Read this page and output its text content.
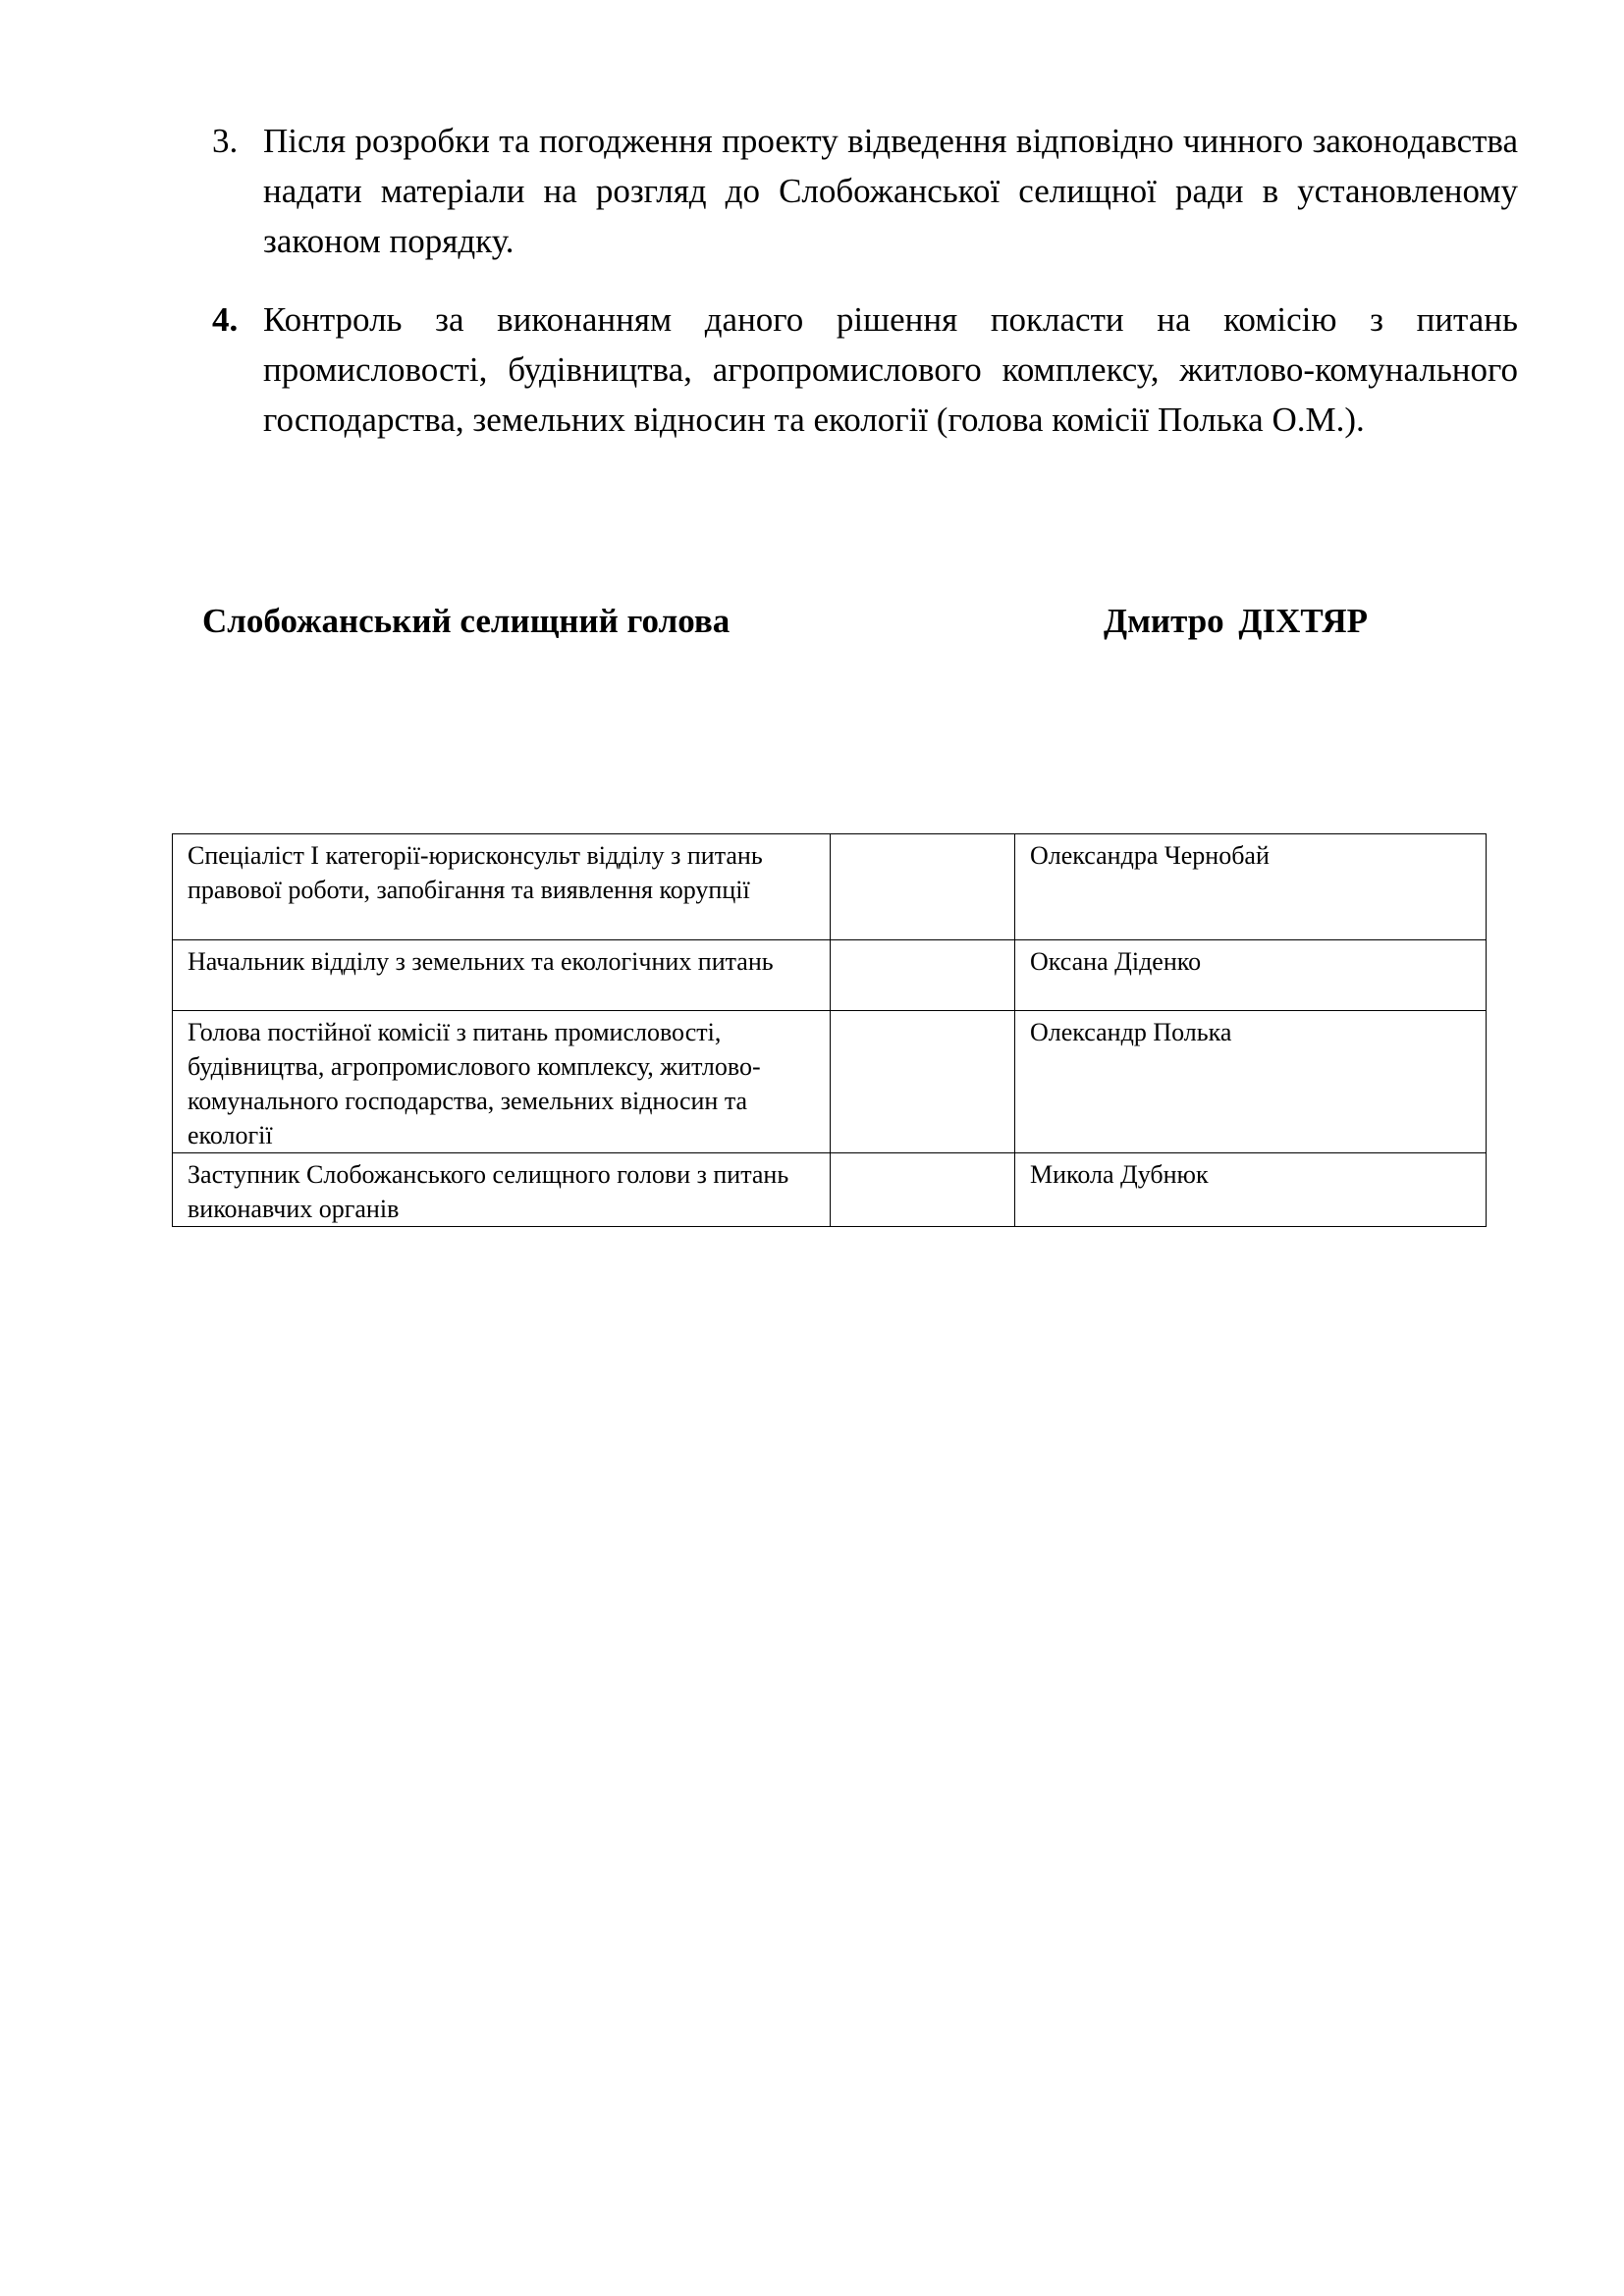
3. Після розробки та погодження проекту відведення відповідно чинного законодавства надати матеріали на розгляд до Слобожанської селищної ради в установленому законом порядку.
4. Контроль за виконанням даного рішення покласти на комісію з питань промисловості, будівництва, агропромислового комплексу, житлово-комунального господарства, земельних відносин та екології (голова комісії Полька О.М.).
Слобожанський селищний голова	Дмитро ДІХТЯР
Спеціаліст І категорії-юрисконсульт відділу з питань правової роботи, запобігання та виявлення корупції		Олександра Чернобай
Начальник відділу з земельних та екологічних питань		Оксана Діденко
Голова постійної комісії з питань промисловості, будівництва, агропромислового комплексу, житлово-комунального господарства, земельних відносин та екології		Олександр Полька
Заступник Слобожанського селищного голови з питань виконавчих органів		Микола Дубнюк
